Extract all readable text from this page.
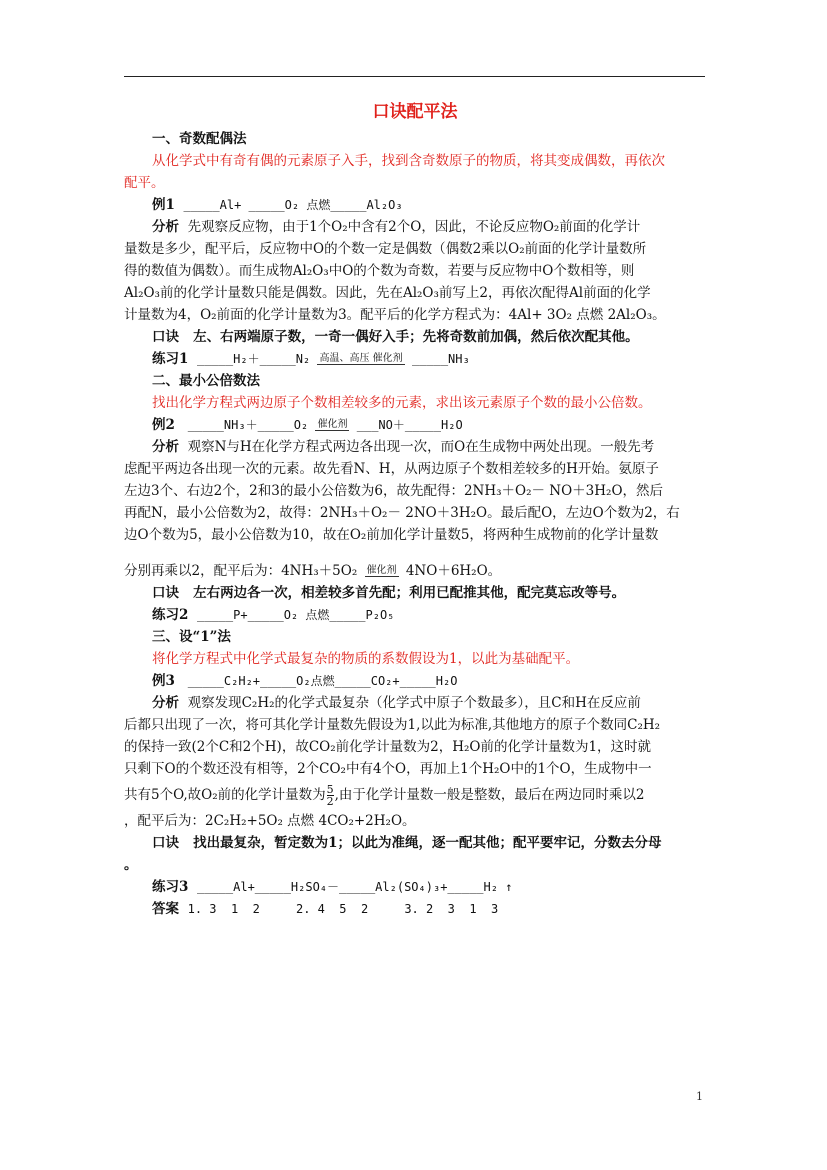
口诀配平法
一、奇数配偶法
从化学式中有奇有偶的元素原子入手，找到含奇数原子的物质，将其变成偶数，再依次
配平。
例1 _____Al+ _____O₂ 点燃_____Al₂O₃
分析 先观察反应物，由于1个O₂中含有2个O，因此，不论反应物O₂前面的化学计
量数是多少，配平后，反应物中O的个数一定是偶数（偶数2乘以O₂前面的化学计量数所
得的数值为偶数）。而生成物Al₂O₃中O的个数为奇数，若要与反应物中O个数相等，则
Al₂O₃前的化学计量数只能是偶数。因此，先在Al₂O₃前写上2，再依次配得Al前面的化学
计量数为4，O₂前面的化学计量数为3。配平后的化学方程式为：4Al+ 3O₂ 点燃 2Al₂O₃。
口诀 左、右两端原子数，一奇一偶好入手；先将奇数前加偶，然后依次配其他。
练习1 _____H₂＋_____N₂ 高温、高压 催化剂 _____NH₃
二、最小公倍数法
找出化学方程式两边原子个数相差较多的元素，求出该元素原子个数的最小公倍数。
例2 _____NH₃＋_____O₂ 催化剂 ___NO＋_____H₂O
分析 观察N与H在化学方程式两边各出现一次，而O在生成物中两处出现。一般先考
虑配平两边各出现一次的元素。故先看N、H，从两边原子个数相差较多的H开始。氨原子
左边3个、右边2个，2和3的最小公倍数为6，故先配得：2NH₃＋O₂－ NO＋3H₂O，然后
再配N，最小公倍数为2，故得：2NH₃＋O₂－ 2NO＋3H₂O。最后配O，左边O个数为2，右
边O个数为5，最小公倍数为10，故在O₂前加化学计量数5，将两种生成物前的化学计量数
分别再乘以2，配平后为：4NH₃＋5O₂ 催化剂 4NO＋6H₂O。
口诀 左右两边各一次，相差较多首先配；利用已配推其他，配完莫忘改等号。
练习2 _____P+_____O₂ 点燃_____P₂O₅
三、设“1”法
将化学方程式中化学式最复杂的物质的系数假设为1，以此为基础配平。
例3 _____C₂H₂+_____O₂点燃_____CO₂+_____H₂O
分析 观察发现C₂H₂的化学式最复杂（化学式中原子个数最多），且C和H在反应前
后都只出现了一次，将可其化学计量数先假设为1,以此为标准,其他地方的原子个数同C₂H₂
的保持一致(2个C和2个H)，故CO₂前化学计量数为2，H₂O前的化学计量数为1，这时就
只剩下O的个数还没有相等，2个CO₂中有4个O，再加上1个H₂O中的1个O，生成物中一
共有5个O,故O₂前的化学计量数为 $\frac{5}{2}$ ,由于化学计量数一般是整数，最后在两边同时乘以2
，配平后为：2C₂H₂+5O₂ 点燃 4CO₂+2H₂O。
口诀 找出最复杂，暂定数为1；以此为准绳，逐一配其他；配平要牢记，分数去分母
。
练习3 _____Al+_____H₂SO₄－_____Al₂(SO₄)₃+_____H₂ ↑
答案 1. 3  1  2     2. 4  5  2     3. 2  3  1  3
1
